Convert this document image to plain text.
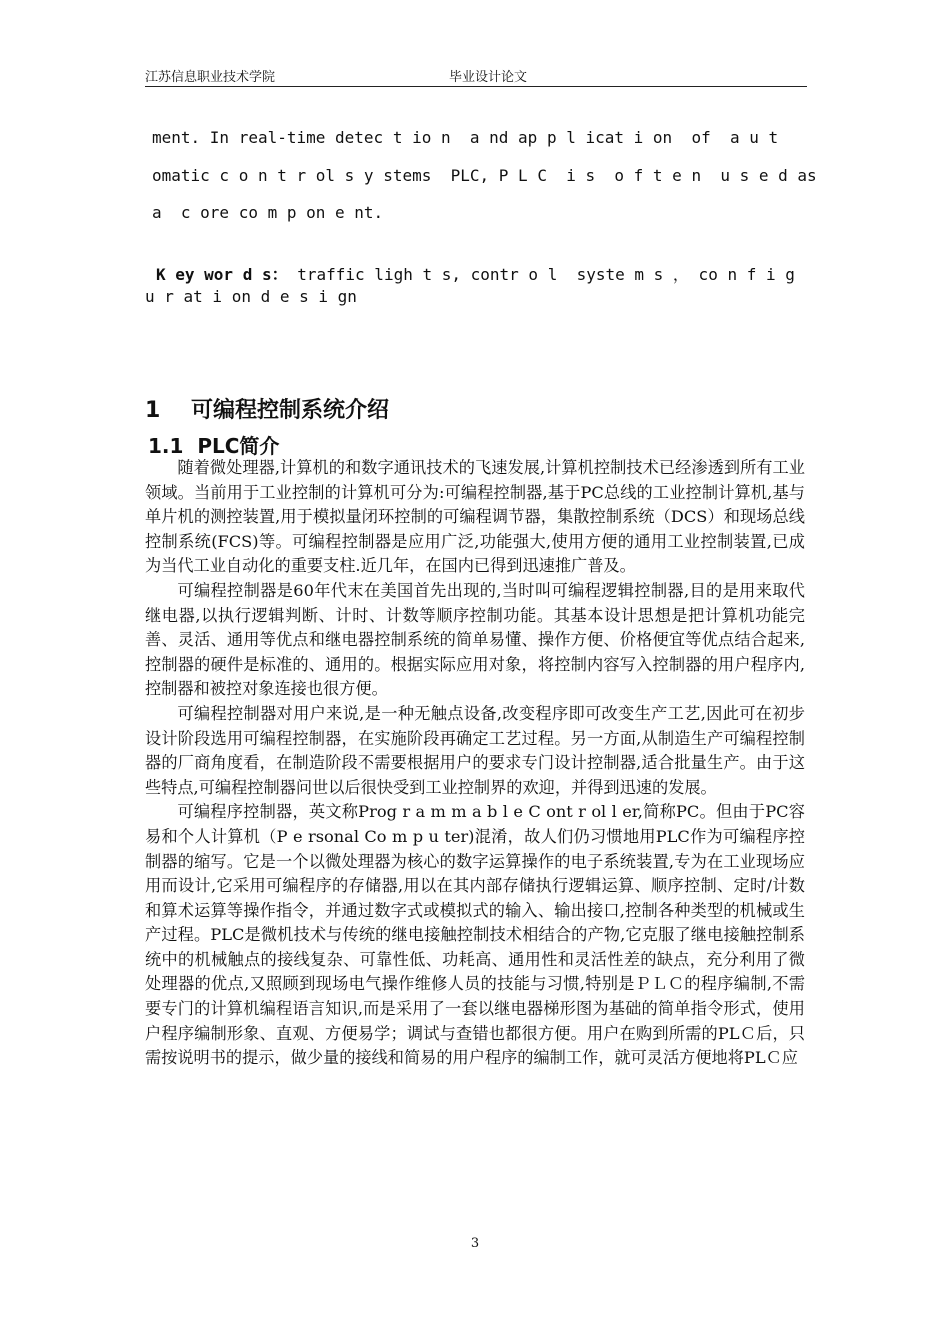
江苏信息职业技术学院	毕业设计论文
ment. In real-time detec t io n  a nd ap p l icat i on  of  a u t
omatic c o n t r ol s y stems  PLC, P L C  i s  o f t e n  u s e d as
a  c ore co m p on e nt.
K ey wor d s： traffic ligh t s, contr o l  syste m s ， co n f i g
u r at i on d e s i gn
1    可编程控制系统介绍
1.1  PLC简介

随着微处理器,计算机的和数字通讯技术的飞速发展,计算机控制技术已经渗透到所有工业领域。当前用于工业控制的计算机可分为:可编程控制器,基于PC总线的工业控制计算机,基与单片机的测控装置,用于模拟量闭环控制的可编程调节器，集散控制系统（DCS）和现场总线控制系统(FCS)等。可编程控制器是应用广泛,功能强大,使用方便的通用工业控制装置,已成为当代工业自动化的重要支柱.近几年，在国内已得到迅速推广普及。

可编程控制器是60年代末在美国首先出现的,当时叫可编程逻辑控制器,目的是用来取代继电器,以执行逻辑判断、计时、计数等顺序控制功能。其基本设计思想是把计算机功能完善、灵活、通用等优点和继电器控制系统的简单易懂、操作方便、价格便宜等优点结合起来,控制器的硬件是标准的、通用的。根据实际应用对象，将控制内容写入控制器的用户程序内,控制器和被控对象连接也很方便。

可编程控制器对用户来说,是一种无触点设备,改变程序即可改变生产工艺,因此可在初步设计阶段选用可编程控制器，在实施阶段再确定工艺过程。另一方面,从制造生产可编程控制器的厂商角度看，在制造阶段不需要根据用户的要求专门设计控制器,适合批量生产。由于这些特点,可编程控制器问世以后很快受到工业控制界的欢迎，并得到迅速的发展。

可编程序控制器，英文称Prog r a m m a b l e C ont r ol l er,简称PC。但由于PC容易和个人计算机（P e rsonal Co m p u ter)混淆，故人们仍习惯地用PLC作为可编程序控制器的缩写。它是一个以微处理器为核心的数字运算操作的电子系统装置,专为在工业现场应用而设计,它采用可编程序的存储器,用以在其内部存储执行逻辑运算、顺序控制、定时/计数和算术运算等操作指令，并通过数字式或模拟式的输入、输出接口,控制各种类型的机械或生产过程。PLC是微机技术与传统的继电接触控制技术相结合的产物,它克服了继电接触控制系统中的机械触点的接线复杂、可靠性低、功耗高、通用性和灵活性差的缺点，充分利用了微处理器的优点,又照顾到现场电气操作维修人员的技能与习惯,特别是ＰＬＣ的程序编制,不需要专门的计算机编程语言知识,而是采用了一套以继电器梯形图为基础的简单指令形式，使用户程序编制形象、直观、方便易学；调试与查错也都很方便。用户在购到所需的PLＣ后，只需按说明书的提示，做少量的接线和简易的用户程序的编制工作，就可灵活方便地将PLＣ应

3
